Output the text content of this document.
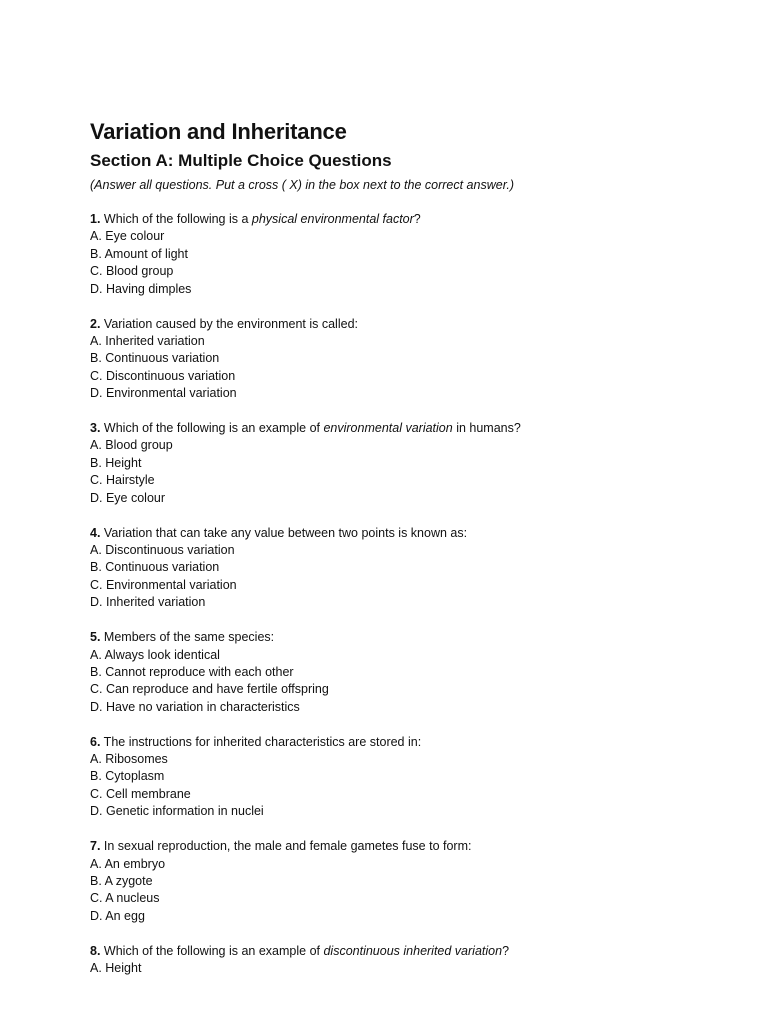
Variation and Inheritance
Section A: Multiple Choice Questions

(Answer all questions. Put a cross ( X) in the box next to the correct answer.)

1. Which of the following is a physical environmental factor?

A. Eye colour

B. Amount of light

C. Blood group

D. Having dimples

2. Variation caused by the environment is called:

A. Inherited variation

B. Continuous variation

C. Discontinuous variation

D. Environmental variation

3. Which of the following is an example of environmental variation in humans?

A. Blood group

B. Height

C. Hairstyle

D. Eye colour

4. Variation that can take any value between two points is known as:

A. Discontinuous variation

B. Continuous variation

C. Environmental variation

D. Inherited variation

5. Members of the same species:

A. Always look identical

B. Cannot reproduce with each other

C. Can reproduce and have fertile offspring

D. Have no variation in characteristics

6. The instructions for inherited characteristics are stored in:

A. Ribosomes

B. Cytoplasm

C. Cell membrane

D. Genetic information in nuclei

7. In sexual reproduction, the male and female gametes fuse to form:

A. An embryo

B. A zygote

C. A nucleus

D. An egg

8. Which of the following is an example of discontinuous inherited variation?

A. Height
